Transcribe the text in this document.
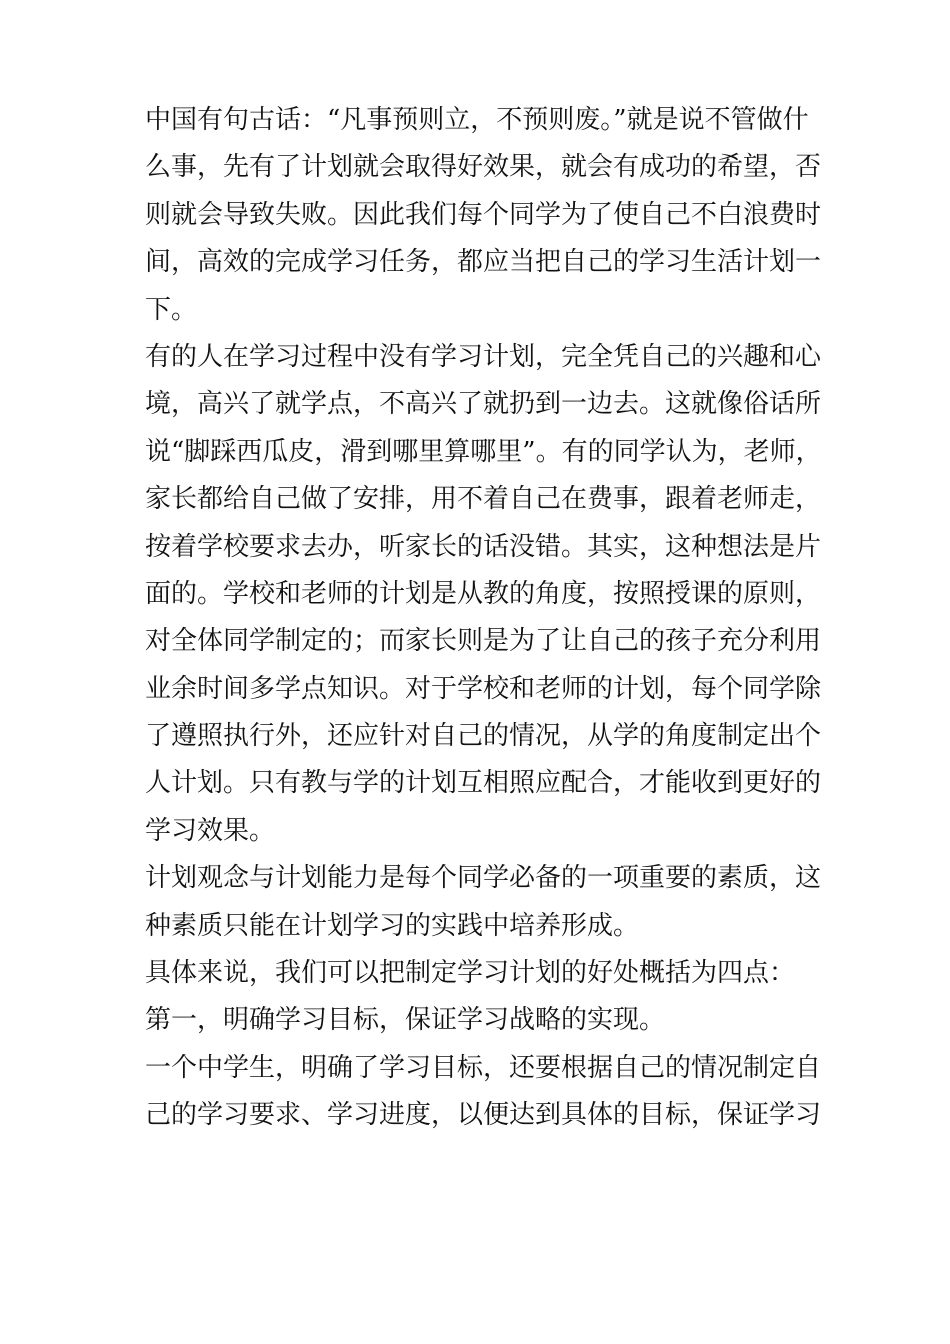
中国有句古话：“凡事预则立，不预则废。”就是说不管做什
么事，先有了计划就会取得好效果，就会有成功的希望，否
则就会导致失败。因此我们每个同学为了使自己不白浪费时
间，高效的完成学习任务，都应当把自己的学习生活计划一
下。

有的人在学习过程中没有学习计划，完全凭自己的兴趣和心
境，高兴了就学点，不高兴了就扔到一边去。这就像俗话所
说“脚踩西瓜皮，滑到哪里算哪里”。有的同学认为，老师，
家长都给自己做了安排，用不着自己在费事，跟着老师走，
按着学校要求去办，听家长的话没错。其实，这种想法是片
面的。学校和老师的计划是从教的角度，按照授课的原则，
对全体同学制定的；而家长则是为了让自己的孩子充分利用
业余时间多学点知识。对于学校和老师的计划，每个同学除
了遵照执行外，还应针对自己的情况，从学的角度制定出个
人计划。只有教与学的计划互相照应配合，才能收到更好的
学习效果。

计划观念与计划能力是每个同学必备的一项重要的素质，这
种素质只能在计划学习的实践中培养形成。

具体来说，我们可以把制定学习计划的好处概括为四点：

第一，明确学习目标，保证学习战略的实现。

一个中学生，明确了学习目标，还要根据自己的情况制定自
己的学习要求、学习进度，以便达到具体的目标，保证学习
